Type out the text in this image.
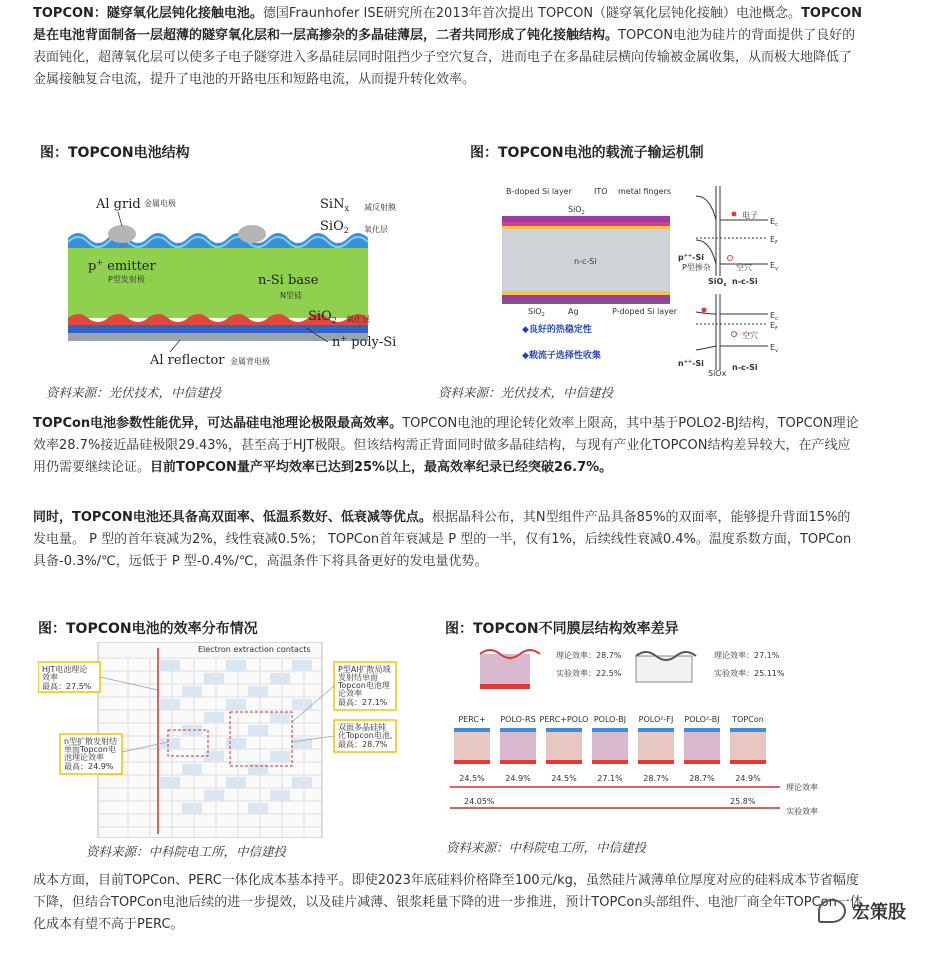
TOPCON：隧穿氧化层钝化接触电池。德国Fraunhofer ISE研究所在2013年首次提出 TOPCON（隧穿氧化层钝化接触）电池概念。TOPCON是在电池背面制备一层超薄的隧穿氧化层和一层高掺杂的多晶硅薄层，二者共同形成了钝化接触结构。TOPCON电池为硅片的背面提供了良好的表面钝化，超薄氧化层可以使多子电子隧穿进入多晶硅层同时阻挡少子空穴复合，进而电子在多晶硅层横向传输被金属收集，从而极大地降低了金属接触复合电流，提升了电池的开路电压和短路电流，从而提升转化效率。

图：TOPCON电池结构
Al grid 金属电极	SiN$_x$ 减反射膜
SiO$_2$ 氧化层
p+ emitter
P型发射极	n-Si base
N型硅
SiO$_2$ 氧化层
n+ poly-Si
Al reflector 金属背电极
资料来源：光伏技术，中信建投
图：TOPCON电池的载流子输运机制
B-doped Si layer	ITO metal fingers
SiO$_2$
n-c-Si
SiO$_2$	Ag	P-doped Si layer
◆良好的热稳定性
◆载流子选择性收集
电子
$E_c$
$E_F$
$E_v$
空穴
p++-Si
P型掺杂
SiO$_x$ n-c-Si
$E_c$
$E_F$
$E_v$
空穴
n++-Si
SiOx
n-c-Si
资料来源：光伏技术，中信建投

TOPCon电池参数性能优异，可达晶硅电池理论极限最高效率。TOPCON电池的理论转化效率上限高，其中基于POLO2-BJ结构，TOPCON理论效率28.7%接近晶硅极限29.43%，甚至高于HJT极限。但该结构需正背面同时做多晶硅结构，与现有产业化TOPCON结构差异较大，在产线应用仍需要继续论证。目前TOPCON量产平均效率已达到25%以上，最高效率纪录已经突破26.7%。

同时，TOPCON电池还具备高双面率、低温系数好、低衰减等优点。根据晶科公布，其N型组件产品具备85%的双面率，能够提升背面15%的发电量。 P 型的首年衰减为2%，线性衰减0.5%； TOPCon首年衰减是 P 型的一半，仅有1%，后续线性衰减0.4%。温度系数方面，TOPCon具备-0.3%/℃，远低于 P 型-0.4%/℃，高温条件下将具备更好的发电量优势。

图：TOPCON电池的效率分布情况
Electron extraction contacts
HJT电池理论
效率
最高：27.5%
P型Al扩散局域
发射结单面
Topcon电池理
论效率
最高：27.1%
n型扩散发射结
单面Topcon电
池理论效率
最高：24.9%
双面多晶硅钝
化Topcon电池,
最高：28.7%
资料来源：中科院电工所，中信建投
图：TOPCON不同膜层结构效率差异
理论效率：28.7%
实验效率：22.5%
理论效率：27.1%
实验效率：25.11%
PERC+
24.5%
POLO-RS
24.9%
PERC+POLO
24.5%
POLO-BJ
27.1%
POLO²-FJ
28.7%
POLO²-BJ
28.7%
TOPCon
24.9%
理论效率
24.05%	25.8%
实验效率
资料来源：中科院电工所，中信建投

成本方面，目前TOPCon、PERC一体化成本基本持平。即使2023年底硅料价格降至100元/kg，虽然硅片减薄单位厚度对应的硅料成本节省幅度下降，但结合TOPCon电池后续的进一步提效，以及硅片减薄、银浆耗量下降的进一步推进，预计TOPCon头部组件、电池厂商全年TOPCon一体化成本有望不高于PERC。

宏策股
